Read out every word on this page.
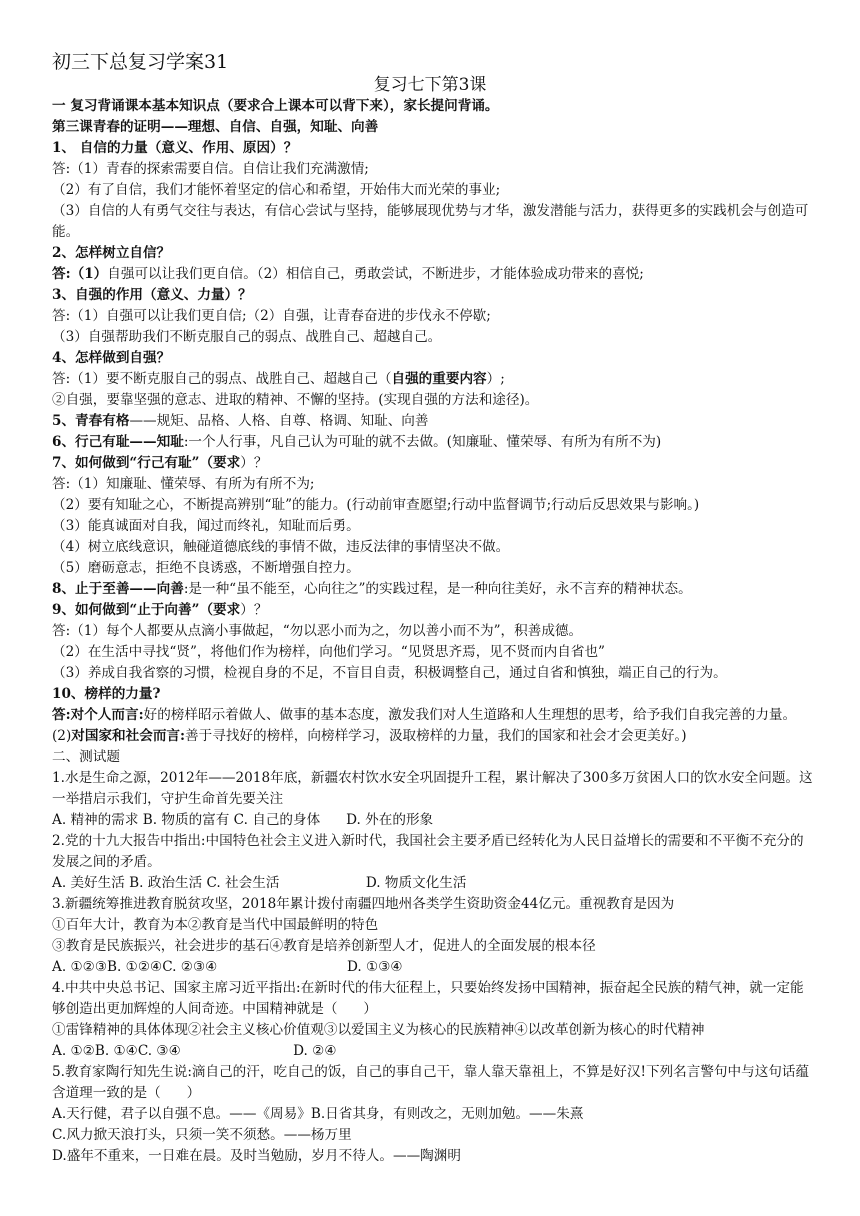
初三下总复习学案31
复习七下第3课

一 复习背诵课本基本知识点（要求合上课本可以背下来），家长提问背诵。

第三课青春的证明——理想、自信、自强，知耻、向善

1、 自信的力量（意义、作用、原因）？

答:（1）青春的探索需要自信。自信让我们充满激情;

（2）有了自信，我们才能怀着坚定的信心和希望，开始伟大而光荣的事业;

（3）自信的人有勇气交往与表达，有信心尝试与坚持，能够展现优势与才华，激发潜能与活力，获得更多的实践机会与创造可能。

2、怎样树立自信？

答:（1）自强可以让我们更自信。（2）相信自己，勇敢尝试，不断进步，才能体验成功带来的喜悦;

3、自强的作用（意义、力量）？

答:（1）自强可以让我们更自信;（2）自强，让青春奋进的步伐永不停歇;

（3）自强帮助我们不断克服自己的弱点、战胜自己、超越自己。

4、怎样做到自强？

答:（1）要不断克服自己的弱点、战胜自己、超越自己（自强的重要内容）;

②自强，要靠坚强的意志、进取的精神、不懈的坚持。(实现自强的方法和途径)。

5、青春有格——规矩、品格、人格、自尊、格调、知耻、向善

6、行己有耻——知耻:一个人行事，凡自己认为可耻的就不去做。(知廉耻、懂荣辱、有所为有所不为)

7、如何做到“行己有耻”（要求）？

答:（1）知廉耻、懂荣辱、有所为有所不为;

（2）要有知耻之心，不断提高辨别“耻”的能力。(行动前审查愿望;行动中监督调节;行动后反思效果与影响。)

（3）能真诚面对自我，闻过而终礼，知耻而后勇。

（4）树立底线意识，触碰道德底线的事情不做，违反法律的事情坚决不做。

（5）磨砺意志，拒绝不良诱惑，不断增强自控力。

8、止于至善——向善:是一种“虽不能至，心向往之”的实践过程，是一种向往美好，永不言弃的精神状态。

9、如何做到“止于向善”（要求）？

答:（1）每个人都要从点滴小事做起，“勿以恶小而为之，勿以善小而不为”，积善成德。

（2）在生活中寻找“贤”，将他们作为榜样，向他们学习。“见贤思齐焉，见不贤而内自省也”

（3）养成自我省察的习惯，检视自身的不足，不盲目自责，积极调整自己，通过自省和慎独，端正自己的行为。

10、榜样的力量?

答:对个人而言:好的榜样昭示着做人、做事的基本态度，激发我们对人生道路和人生理想的思考，给予我们自我完善的力量。(2)对国家和社会而言:善于寻找好的榜样，向榜样学习，汲取榜样的力量，我们的国家和社会才会更美好。)

二、测试题

1.水是生命之源，2012年——2018年底，新疆农村饮水安全巩固提升工程，累计解决了300多万贫困人口的饮水安全问题。这一举措启示我们，守护生命首先要关注

A. 精神的需求 B. 物质的富有 C. 自己的身体      D. 外在的形象

2.党的十九大报告中指出:中国特色社会主义进入新时代，我国社会主要矛盾已经转化为人民日益增长的需要和不平衡不充分的发展之间的矛盾。

A. 美好生活 B. 政治生活 C. 社会生活                    D. 物质文化生活

3.新疆统筹推进教育脱贫攻坚，2018年累计拨付南疆四地州各类学生资助资金44亿元。重视教育是因为

①百年大计，教育为本②教育是当代中国最鲜明的特色

③教育是民族振兴，社会进步的基石④教育是培养创新型人才，促进人的全面发展的根本径

A. ①②③B. ①②④C. ②③④                              D. ①③④

4.中共中央总书记、国家主席习近平指出:在新时代的伟大征程上，只要始终发扬中国精神，振奋起全民族的精气神，就一定能够创造出更加辉煌的人间奇迹。中国精神就是（      ）

①雷锋精神的具体体现②社会主义核心价值观③以爱国主义为核心的民族精神④以改革创新为核心的时代精神

A. ①②B. ①④C. ③④                          D. ②④

5.教育家陶行知先生说:滴自己的汗，吃自己的饭，自己的事自己干，靠人靠天靠祖上，不算是好汉!下列名言警句中与这句话蕴含道理一致的是（      ）

A.天行健，君子以自强不息。——《周易》B.日省其身，有则改之，无则加勉。——朱熹

C.风力掀天浪打头，只须一笑不须愁。——杨万里

D.盛年不重来，一日难在晨。及时当勉励，岁月不待人。——陶渊明
